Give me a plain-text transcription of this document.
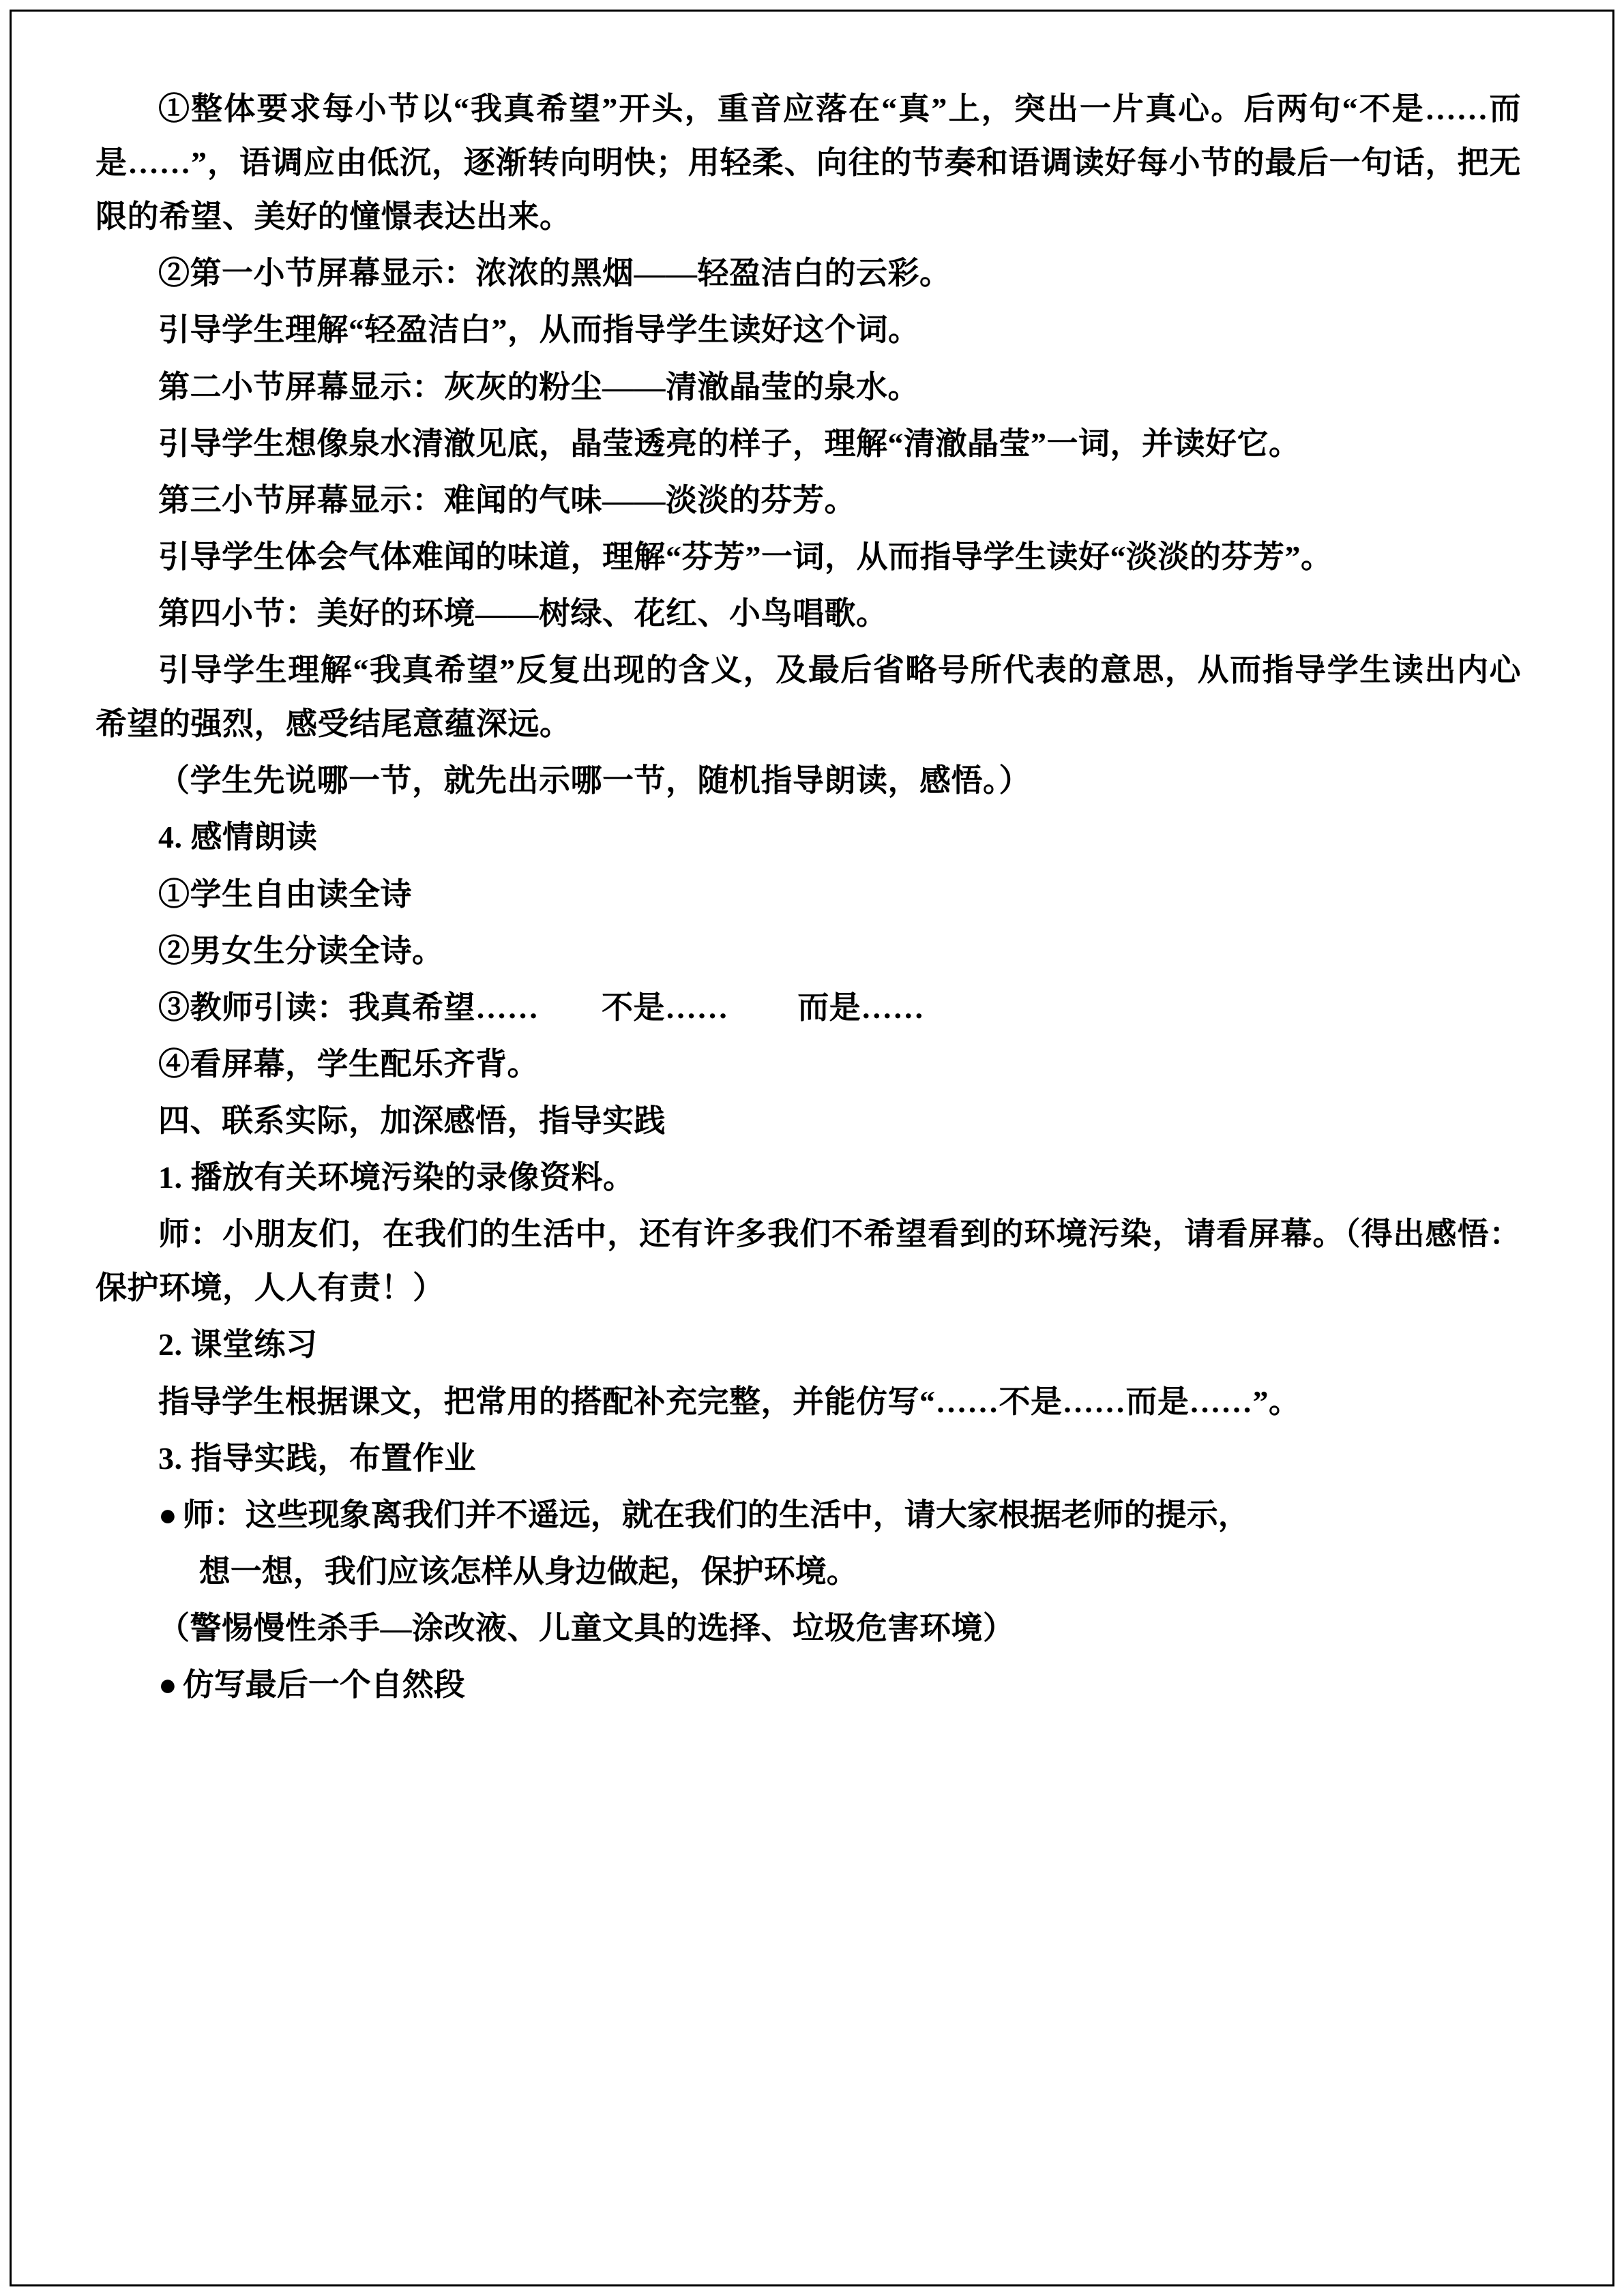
①整体要求每小节以“我真希望”开头，重音应落在“真”上，突出一片真心。后两句“不是……而是……”，语调应由低沉，逐渐转向明快；用轻柔、向往的节奏和语调读好每小节的最后一句话，把无限的希望、美好的憧憬表达出来。

②第一小节屏幕显示：浓浓的黑烟——轻盈洁白的云彩。

引导学生理解“轻盈洁白”，从而指导学生读好这个词。

第二小节屏幕显示：灰灰的粉尘——清澈晶莹的泉水。

引导学生想像泉水清澈见底，晶莹透亮的样子，理解“清澈晶莹”一词，并读好它。

第三小节屏幕显示：难闻的气味——淡淡的芬芳。

引导学生体会气体难闻的味道，理解“芬芳”一词，从而指导学生读好“淡淡的芬芳”。

第四小节：美好的环境——树绿、花红、小鸟唱歌。

引导学生理解“我真希望”反复出现的含义，及最后省略号所代表的意思，从而指导学生读出内心希望的强烈，感受结尾意蕴深远。

（学生先说哪一节，就先出示哪一节，随机指导朗读，感悟。）

4. 感情朗读

①学生自由读全诗

②男女生分读全诗。

③教师引读：我真希望…… 不是…… 而是……

④看屏幕，学生配乐齐背。

四、联系实际，加深感悟，指导实践

1. 播放有关环境污染的录像资料。

师：小朋友们，在我们的生活中，还有许多我们不希望看到的环境污染，请看屏幕。（得出感悟：保护环境，人人有责！）

2. 课堂练习

指导学生根据课文，把常用的搭配补充完整，并能仿写“……不是……而是……”。

3. 指导实践，布置作业

● 师：这些现象离我们并不遥远，就在我们的生活中，请大家根据老师的提示，

想一想，我们应该怎样从身边做起，保护环境。

（警惕慢性杀手—涂改液、儿童文具的选择、垃圾危害环境）

● 仿写最后一个自然段
